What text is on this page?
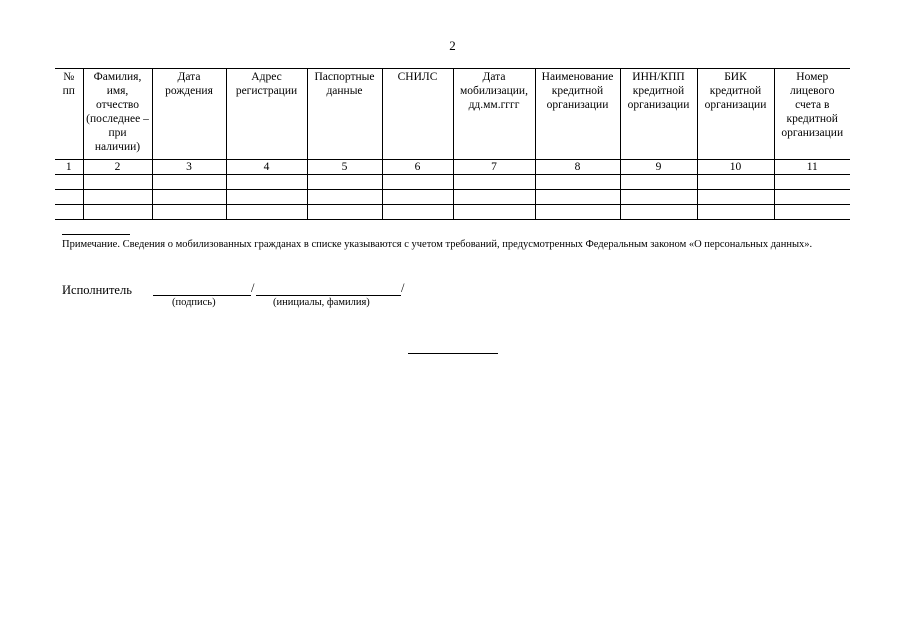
2
№ пп	Фамилия, имя, отчество (последнее – при наличии)	Дата рождения	Адрес регистрации	Паспортные данные	СНИЛС	Дата мобилизации, дд.мм.гггг	Наименование кредитной организации	ИНН/КПП кредитной организации	БИК кредитной организации	Номер лицевого счета в кредитной организации
1	2	3	4	5	6	7	8	9	10	11

Примечание. Сведения о мобилизованных гражданах в списке указываются с учетом требований, предусмотренных Федеральным законом «О персональных данных».
Исполнитель	/	/
(подпись)	(инициалы, фамилия)
